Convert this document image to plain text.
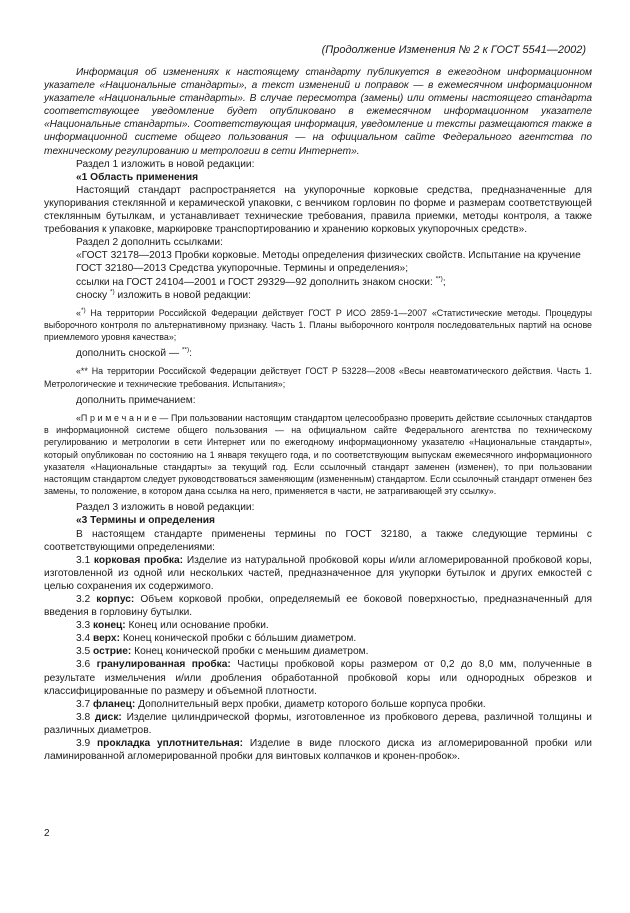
(Продолжение Изменения № 2 к ГОСТ 5541—2002)

Информация об изменениях к настоящему стандарту публикуется в ежегодном информационном указателе «Национальные стандарты», а текст изменений и поправок — в ежемесячном информационном указателе «Национальные стандарты». В случае пересмотра (замены) или отмены настоящего стандарта соответствующее уведомление будет опубликовано в ежемесячном информационном указателе «Национальные стандарты». Соответствующая информация, уведомление и тексты размещаются также в информационной системе общего пользования — на официальном сайте Федерального агентства по техническому регулированию и метрологии в сети Интернет».

Раздел 1 изложить в новой редакции:

«1 Область применения

Настоящий стандарт распространяется на укупорочные корковые средства, предназначенные для укупоривания стеклянной и керамической упаковки, с венчиком горловин по форме и размерам соответствующей стеклянным бутылкам, и устанавливает технические требования, правила приемки, методы контроля, а также требования к упаковке, маркировке транспортированию и хранению корковых укупорочных средств».

Раздел 2 дополнить ссылками:

«ГОСТ 32178—2013 Пробки корковые. Методы определения физических свойств. Испытание на кручение

ГОСТ 32180—2013 Средства укупорочные. Термины и определения»;

ссылки на ГОСТ 24104—2001 и ГОСТ 29329—92 дополнить знаком сноски: **);

сноску *) изложить в новой редакции:

«*) На территории Российской Федерации действует ГОСТ Р ИСО 2859-1—2007 «Статистические методы. Процедуры выборочного контроля по альтернативному признаку. Часть 1. Планы выборочного контроля последовательных партий на основе приемлемого уровня качества»;

дополнить сноской — **):

«** На территории Российской Федерации действует ГОСТ Р 53228—2008 «Весы неавтоматического действия. Часть 1. Метрологические и технические требования. Испытания»;

дополнить примечанием:

«П р и м е ч а н и е — При пользовании настоящим стандартом целесообразно проверить действие ссылочных стандартов в информационной системе общего пользования — на официальном сайте Федерального агентства по техническому регулированию и метрологии в сети Интернет или по ежегодному информационному указателю «Национальные стандарты», который опубликован по состоянию на 1 января текущего года, и по соответствующим выпускам ежемесячного информационного указателя «Национальные стандарты» за текущий год. Если ссылочный стандарт заменен (изменен), то при пользовании настоящим стандартом следует руководствоваться заменяющим (измененным) стандартом. Если ссылочный стандарт отменен без замены, то положение, в котором дана ссылка на него, применяется в части, не затрагивающей эту ссылку».

Раздел 3 изложить в новой редакции:

«3 Термины и определения

В настоящем стандарте применены термины по ГОСТ 32180, а также следующие термины с соответствующими определениями:

3.1 корковая пробка: Изделие из натуральной пробковой коры и/или агломерированной пробковой коры, изготовленной из одной или нескольких частей, предназначенное для укупорки бутылок и других емкостей с целью сохранения их содержимого.

3.2 корпус: Объем корковой пробки, определяемый ее боковой поверхностью, предназначенный для введения в горловину бутылки.

3.3 конец: Конец или основание пробки.

3.4 верх: Конец конической пробки с бо́льшим диаметром.

3.5 острие: Конец конической пробки с меньшим диаметром.

3.6 гранулированная пробка: Частицы пробковой коры размером от 0,2 до 8,0 мм, полученные в результате измельчения и/или дробления обработанной пробковой коры или однородных обрезков и классифицированные по размеру и объемной плотности.

3.7 фланец: Дополнительный верх пробки, диаметр которого больше корпуса пробки.

3.8 диск: Изделие цилиндрической формы, изготовленное из пробкового дерева, различной толщины и различных диаметров.

3.9 прокладка уплотнительная: Изделие в виде плоского диска из агломерированной пробки или ламинированной агломерированной пробки для винтовых колпачков и кронен-пробок».

2
